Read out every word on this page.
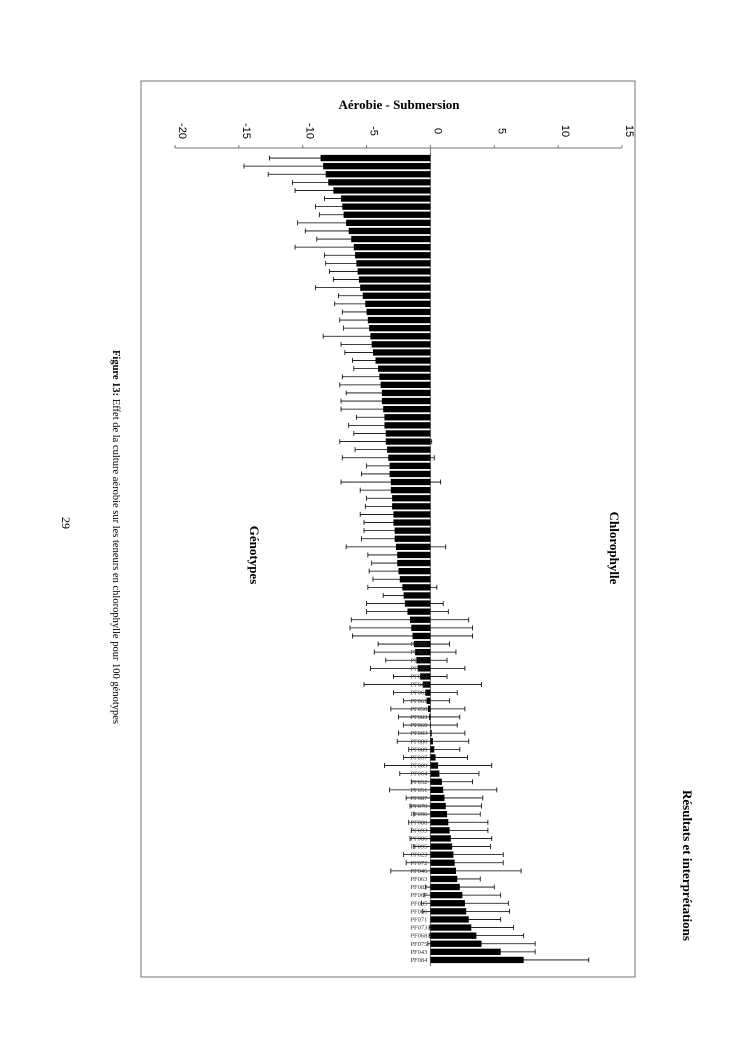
-20	-15	-10	-5	0	5	10	15
PF056
PF065
PF025
PF045
PF074
PF040
PF062
PF061
PF050
PF083
PF060
PF003
PF080
PF089
PF097
PF009
PF064
PF052
PF051
PF087
PF079
PF096
PF088
PF093
PF086
PF095
PF023
PF072
PF046
PF063
PF082
PF067
PF085
PF066
PF071
PF073
PF068
PF075
PF043
PF084
Aérobie - Submersion
Chlorophylle
Génotypes
Résultats et interprétations
29
Figure 13: Effet de la culture aérobie sur les teneurs en chlorophylle pour 100 génotypes
